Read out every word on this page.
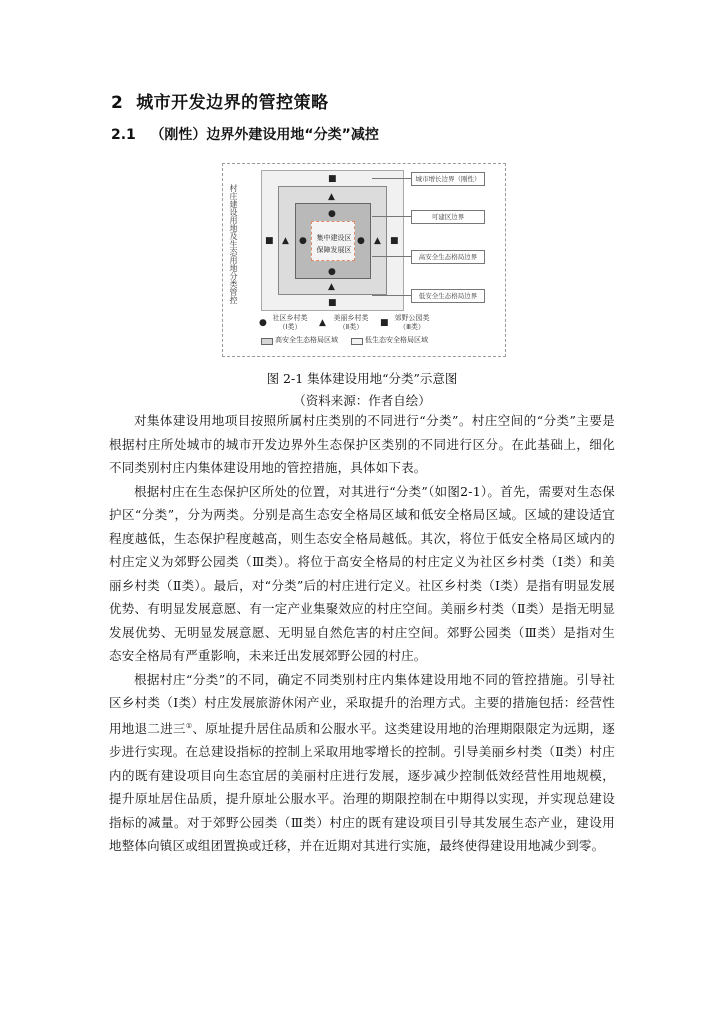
2 城市开发边界的管控策略
2.1 （刚性）边界外建设用地“分类”减控
村庄建设用地及生态用地分类管控	集中建设区
保障发展区
■
▲
●
■ ▲ ●	● ▲ ■
●
▲
■
城市增长边界（刚性）
可建区边界
高安全生态格局边界
低安全生态格局边界
● 社区乡村类
（Ⅰ类）	▲	美丽乡村类
（Ⅱ类）	■ 郊野公园类
（Ⅲ类）
高安全生态格局区域	低生态安全格局区域
图 2-1 集体建设用地“分类”示意图
（资料来源：作者自绘）

对集体建设用地项目按照所属村庄类别的不同进行“分类”。村庄空间的“分类”主要是根据村庄所处城市的城市开发边界外生态保护区类别的不同进行区分。在此基础上，细化不同类别村庄内集体建设用地的管控措施，具体如下表。

根据村庄在生态保护区所处的位置，对其进行“分类”（如图2-1）。首先，需要对生态保护区“分类”，分为两类。分别是高生态安全格局区域和低安全格局区域。区域的建设适宜程度越低，生态保护程度越高，则生态安全格局越低。其次，将位于低安全格局区域内的村庄定义为郊野公园类（Ⅲ类）。将位于高安全格局的村庄定义为社区乡村类（Ⅰ类）和美丽乡村类（Ⅱ类）。最后，对“分类”后的村庄进行定义。社区乡村类（Ⅰ类）是指有明显发展优势、有明显发展意愿、有一定产业集聚效应的村庄空间。美丽乡村类（Ⅱ类）是指无明显发展优势、无明显发展意愿、无明显自然危害的村庄空间。郊野公园类（Ⅲ类）是指对生态安全格局有严重影响，未来迁出发展郊野公园的村庄。

根据村庄“分类”的不同，确定不同类别村庄内集体建设用地不同的管控措施。引导社区乡村类（Ⅰ类）村庄发展旅游休闲产业，采取提升的治理方式。主要的措施包括：经营性用地退二进三①、原址提升居住品质和公服水平。这类建设用地的治理期限限定为远期，逐步进行实现。在总建设指标的控制上采取用地零增长的控制。引导美丽乡村类（Ⅱ类）村庄内的既有建设项目向生态宜居的美丽村庄进行发展，逐步减少控制低效经营性用地规模，提升原址居住品质，提升原址公服水平。治理的期限控制在中期得以实现，并实现总建设指标的减量。对于郊野公园类（Ⅲ类）村庄的既有建设项目引导其发展生态产业，建设用地整体向镇区或组团置换或迁移，并在近期对其进行实施，最终使得建设用地减少到零。
